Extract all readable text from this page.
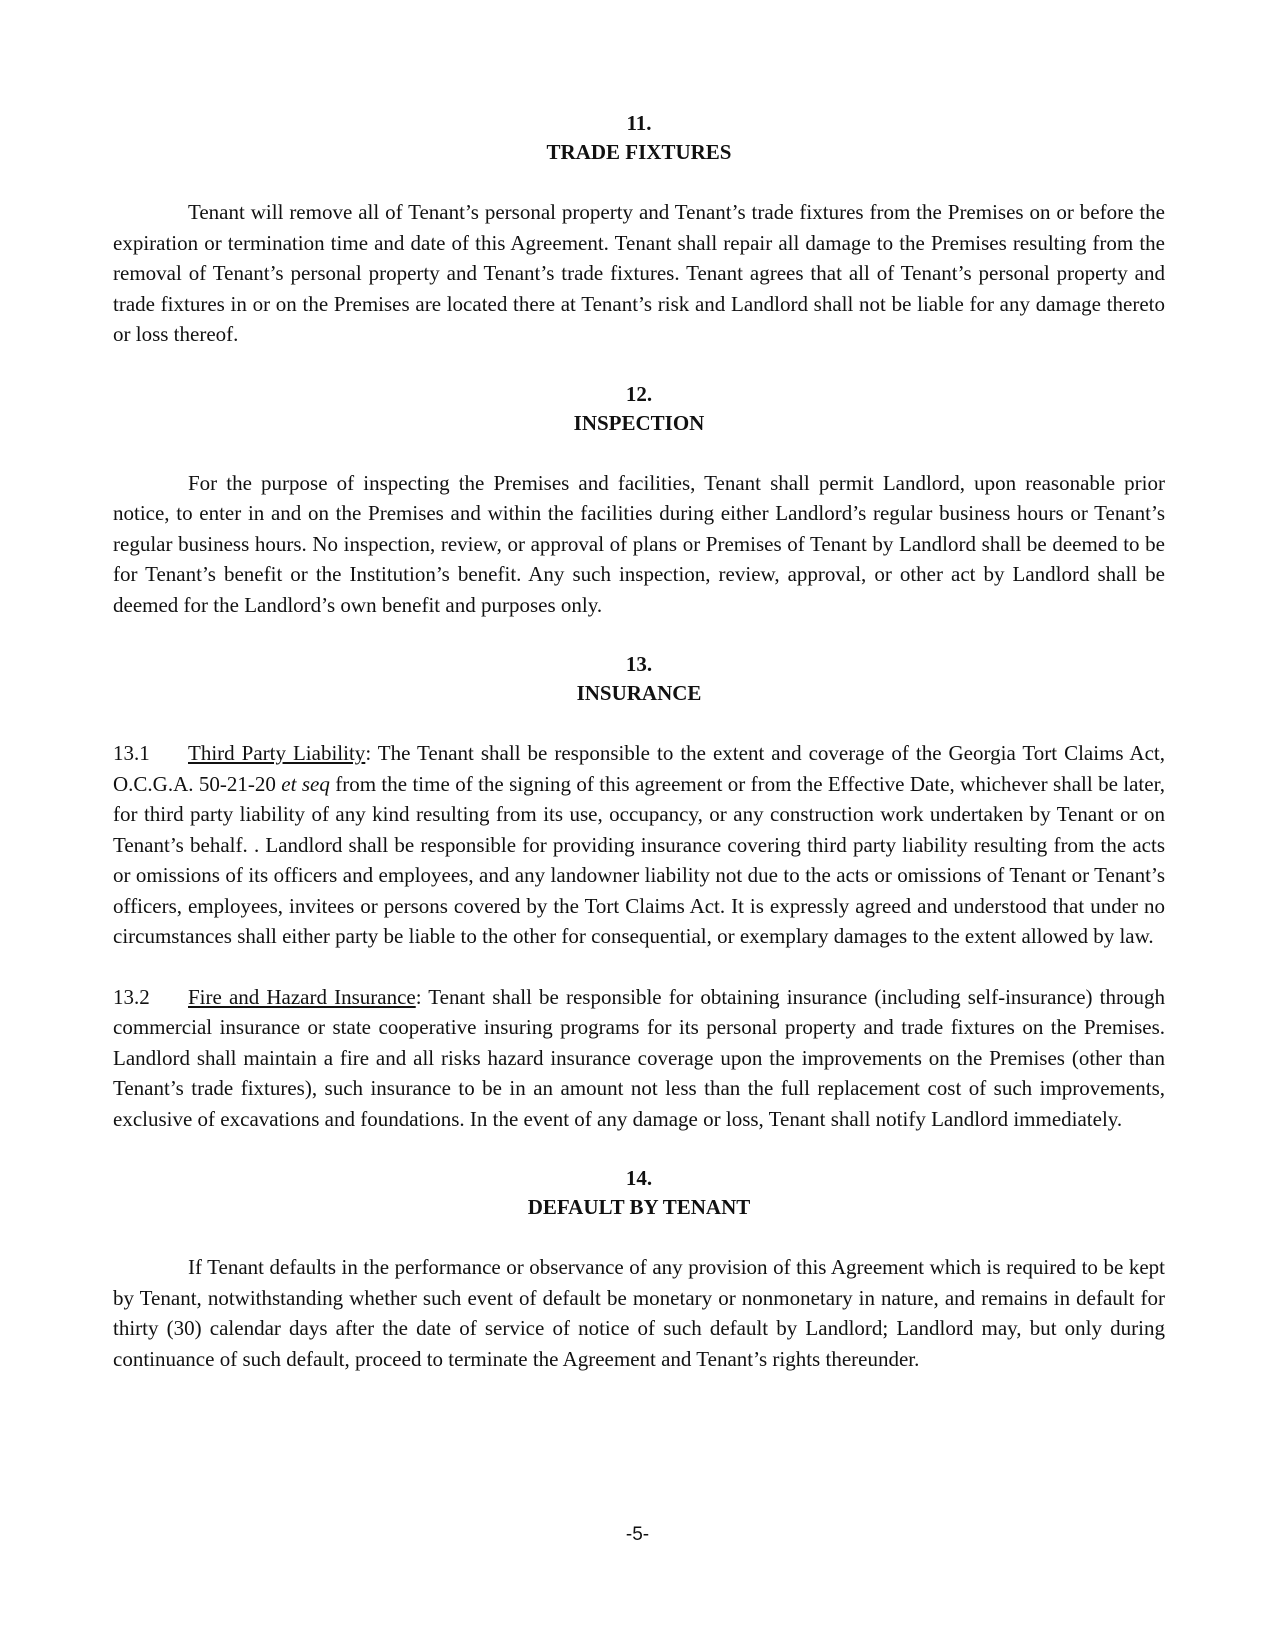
11.
TRADE FIXTURES

Tenant will remove all of Tenant’s personal property and Tenant’s trade fixtures from the Premises on or before the expiration or termination time and date of this Agreement. Tenant shall repair all damage to the Premises resulting from the removal of Tenant’s personal property and Tenant’s trade fixtures. Tenant agrees that all of Tenant’s personal property and trade fixtures in or on the Premises are located there at Tenant’s risk and Landlord shall not be liable for any damage thereto or loss thereof.

12.
INSPECTION

For the purpose of inspecting the Premises and facilities, Tenant shall permit Landlord, upon reasonable prior notice, to enter in and on the Premises and within the facilities during either Landlord’s regular business hours or Tenant’s regular business hours. No inspection, review, or approval of plans or Premises of Tenant by Landlord shall be deemed to be for Tenant’s benefit or the Institution’s benefit. Any such inspection, review, approval, or other act by Landlord shall be deemed for the Landlord’s own benefit and purposes only.

13.
INSURANCE

13.1 Third Party Liability: The Tenant shall be responsible to the extent and coverage of the Georgia Tort Claims Act, O.C.G.A. 50-21-20 et seq from the time of the signing of this agreement or from the Effective Date, whichever shall be later, for third party liability of any kind resulting from its use, occupancy, or any construction work undertaken by Tenant or on Tenant’s behalf. . Landlord shall be responsible for providing insurance covering third party liability resulting from the acts or omissions of its officers and employees, and any landowner liability not due to the acts or omissions of Tenant or Tenant’s officers, employees, invitees or persons covered by the Tort Claims Act. It is expressly agreed and understood that under no circumstances shall either party be liable to the other for consequential, or exemplary damages to the extent allowed by law.

13.2 Fire and Hazard Insurance: Tenant shall be responsible for obtaining insurance (including self-insurance) through commercial insurance or state cooperative insuring programs for its personal property and trade fixtures on the Premises. Landlord shall maintain a fire and all risks hazard insurance coverage upon the improvements on the Premises (other than Tenant’s trade fixtures), such insurance to be in an amount not less than the full replacement cost of such improvements, exclusive of excavations and foundations. In the event of any damage or loss, Tenant shall notify Landlord immediately.

14.
DEFAULT BY TENANT

If Tenant defaults in the performance or observance of any provision of this Agreement which is required to be kept by Tenant, notwithstanding whether such event of default be monetary or nonmonetary in nature, and remains in default for thirty (30) calendar days after the date of service of notice of such default by Landlord; Landlord may, but only during continuance of such default, proceed to terminate the Agreement and Tenant’s rights thereunder.

-5-
